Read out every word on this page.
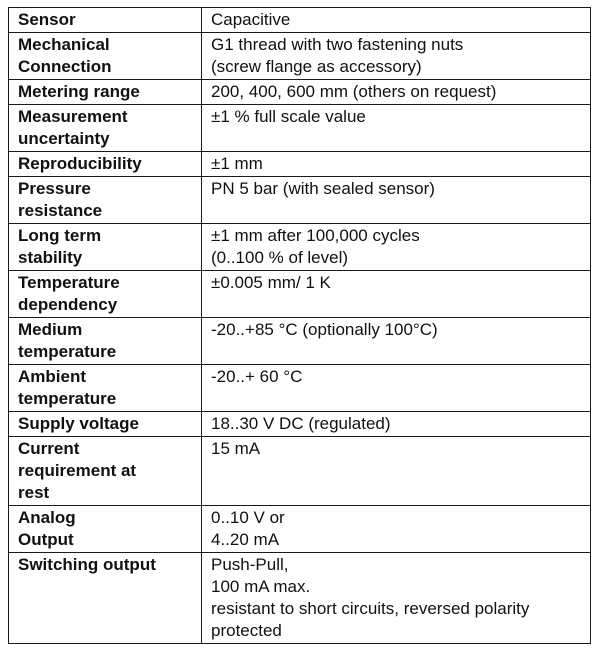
Sensor	Capacitive

Mechanical
Connection	G1 thread with two fastening nuts
(screw flange as accessory)

Metering range	200, 400, 600 mm (others on request)

Measurement
uncertainty	±1 % full scale value

Reproducibility	±1 mm

Pressure
resistance	PN 5 bar (with sealed sensor)

Long term
stability	±1 mm after 100,000 cycles
(0..100 % of level)

Temperature
dependency	±0.005 mm/ 1 K

Medium
temperature	-20..+85 °C (optionally 100°C)

Ambient
temperature	-20..+ 60 °C

Supply voltage	18..30 V DC (regulated)

Current
requirement at
rest	15 mA

Analog
Output	0..10 V or
4..20 mA

Switching output	Push-Pull,
100 mA max.
resistant to short circuits, reversed polarity
protected
